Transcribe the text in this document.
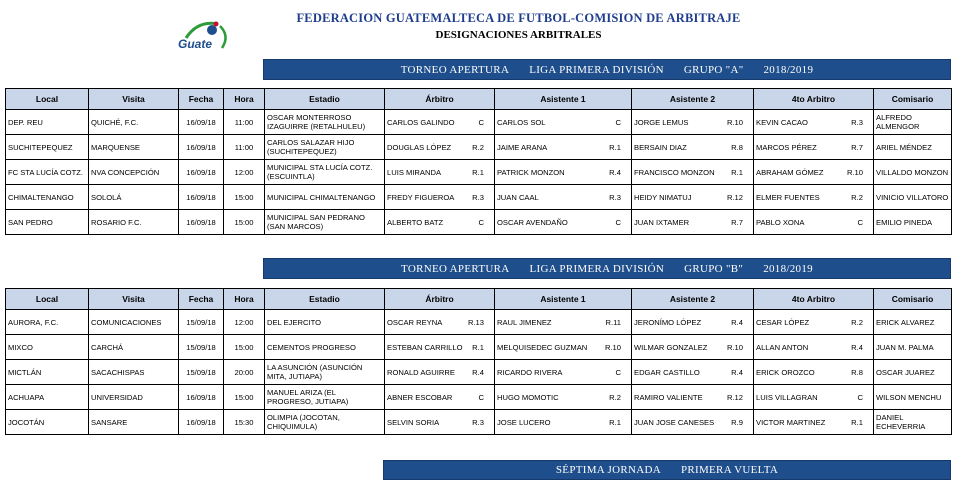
Guate
FEDERACION GUATEMALTECA DE FUTBOL-COMISION DE ARBITRAJE
DESIGNACIONES ARBITRALES
TORNEO APERTURA LIGA PRIMERA DIVISIÓN GRUPO "A" 2018/2019
Local	Visita	Fecha	Hora	Estadio	Árbitro	Asistente 1	Asistente 2	4to Arbitro	Comisario
DEP. REU	QUICHÉ, F.C.	16/09/18	11:00	OSCAR MONTERROSO IZAGUIRRE (RETALHULEU)	CARLOS GALINDO C	CARLOS SOL C	JORGE LEMUS R.10	KEVIN CACAO R.3	ALFREDO ALMENGOR
SUCHITEPEQUEZ	MARQUENSE	16/09/18	11:00	CARLOS SALAZAR HIJO (SUCHITEPEQUEZ)	DOUGLAS LÓPEZ R.2	JAIME ARANA R.1	BERSAIN DIAZ R.8	MARCOS PÉREZ R.7	ARIEL MÉNDEZ
FC STA LUCÍA COTZ.	NVA CONCEPCIÓN	16/09/18	12:00	MUNICIPAL STA LUCÍA COTZ. (ESCUINTLA)	LUIS MIRANDA R.1	PATRICK MONZON R.4	FRANCISCO MONZON R.1	ABRAHAM GÓMEZ R.10	VILLALDO MONZON
CHIMALTENANGO	SOLOLÁ	16/09/18	15:00	MUNICIPAL CHIMALTENANGO	FREDY FIGUEROA R.3	JUAN CAAL R.3	HEIDY NIMATUJ R.12	ELMER FUENTES R.2	VINICIO VILLATORO
SAN PEDRO	ROSARIO F.C.	16/09/18	15:00	MUNICIPAL SAN PEDRANO (SAN MARCOS)	ALBERTO BATZ C	OSCAR AVENDAÑO C	JUAN IXTAMER R.7	PABLO XONA C	EMILIO PINEDA
TORNEO APERTURA LIGA PRIMERA DIVISIÓN GRUPO "B" 2018/2019
Local	Visita	Fecha	Hora	Estadio	Árbitro	Asistente 1	Asistente 2	4to Arbitro	Comisario
AURORA, F.C.	COMUNICACIONES	15/09/18	12:00	DEL EJERCITO	OSCAR REYNA R.13	RAUL JIMENEZ R.11	JERONÍMO LÓPEZ R.4	CESAR LÓPEZ R.2	ERICK ALVAREZ
MIXCO	CARCHÁ	15/09/18	15:00	CEMENTOS PROGRESO	ESTEBAN CARRILLO R.1	MELQUISEDEC GUZMAN R.10	WILMAR GONZALEZ R.10	ALLAN ANTON R.4	JUAN M. PALMA
MICTLÁN	SACACHISPAS	15/09/18	20:00	LA ASUNCIÓN (ASUNCIÓN MITA, JUTIAPA)	RONALD AGUIRRE R.4	RICARDO RIVERA C	EDGAR CASTILLO R.4	ERICK OROZCO R.8	OSCAR JUAREZ
ACHUAPA	UNIVERSIDAD	16/09/18	15:00	MANUEL ARIZA (EL PROGRESO, JUTIAPA)	ABNER ESCOBAR C	HUGO MOMOTIC R.2	RAMIRO VALIENTE R.12	LUIS VILLAGRAN C	WILSON MENCHU
JOCOTÁN	SANSARE	16/09/18	15:30	OLIMPIA (JOCOTAN, CHIQUIMULA)	SELVIN SORIA R.3	JOSE LUCERO R.1	JUAN JOSE CANESES R.9	VICTOR MARTINEZ R.1	DANIEL ECHEVERRIA
SÉPTIMA JORNADA PRIMERA VUELTA
